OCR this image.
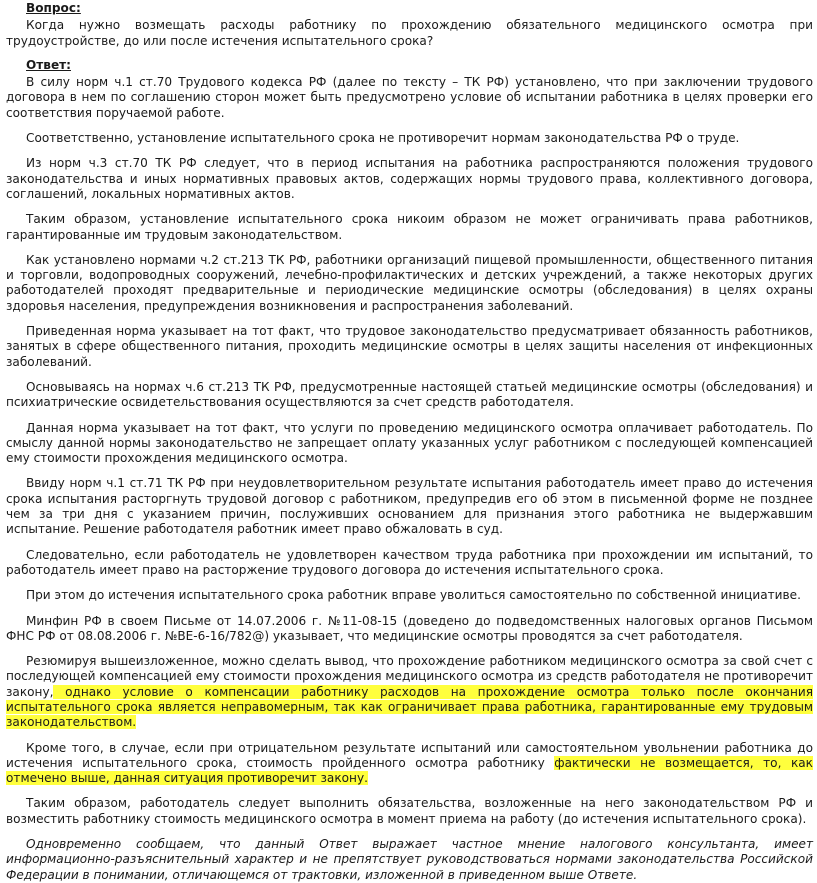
Вопрос:

Когда нужно возмещать расходы работнику по прохождению обязательного медицинского осмотра при трудоустройстве, до или после истечения испытательного срока?

Ответ:

В силу норм ч.1 ст.70 Трудового кодекса РФ (далее по тексту – ТК РФ) установлено, что при заключении трудового договора в нем по соглашению сторон может быть предусмотрено условие об испытании работника в целях проверки его соответствия поручаемой работе.

Соответственно, установление испытательного срока не противоречит нормам законодательства РФ о труде.

Из норм ч.3 ст.70 ТК РФ следует, что в период испытания на работника распространяются положения трудового законодательства и иных нормативных правовых актов, содержащих нормы трудового права, коллективного договора, соглашений, локальных нормативных актов.

Таким образом, установление испытательного срока никоим образом не может ограничивать права работников, гарантированные им трудовым законодательством.

Как установлено нормами ч.2 ст.213 ТК РФ, работники организаций пищевой промышленности, общественного питания и торговли, водопроводных сооружений, лечебно-профилактических и детских учреждений, а также некоторых других работодателей проходят предварительные и периодические медицинские осмотры (обследования) в целях охраны здоровья населения, предупреждения возникновения и распространения заболеваний.

Приведенная норма указывает на тот факт, что трудовое законодательство предусматривает обязанность работников, занятых в сфере общественного питания, проходить медицинские осмотры в целях защиты населения от инфекционных заболеваний.

Основываясь на нормах ч.6 ст.213 ТК РФ, предусмотренные настоящей статьей медицинские осмотры (обследования) и психиатрические освидетельствования осуществляются за счет средств работодателя.

Данная норма указывает на тот факт, что услуги по проведению медицинского осмотра оплачивает работодатель. По смыслу данной нормы законодательство не запрещает оплату указанных услуг работником с последующей компенсацией ему стоимости прохождения медицинского осмотра.

Ввиду норм ч.1 ст.71 ТК РФ при неудовлетворительном результате испытания работодатель имеет право до истечения срока испытания расторгнуть трудовой договор с работником, предупредив его об этом в письменной форме не позднее чем за три дня с указанием причин, послуживших основанием для признания этого работника не выдержавшим испытание. Решение работодателя работник имеет право обжаловать в суд.

Следовательно, если работодатель не удовлетворен качеством труда работника при прохождении им испытаний, то работодатель имеет право на расторжение трудового договора до истечения испытательного срока.

При этом до истечения испытательного срока работник вправе уволиться самостоятельно по собственной инициативе.

Минфин РФ в своем Письме от 14.07.2006 г. №11-08-15 (доведено до подведомственных налоговых органов Письмом ФНС РФ от 08.08.2006 г. №ВЕ-6-16/782@) указывает, что медицинские осмотры проводятся за счет работодателя.

Резюмируя вышеизложенное, можно сделать вывод, что прохождение работником медицинского осмотра за свой счет с последующей компенсацией ему стоимости прохождения медицинского осмотра из средств работодателя не противоречит закону, однако условие о компенсации работнику расходов на прохождение осмотра только после окончания испытательного срока является неправомерным, так как ограничивает права работника, гарантированные ему трудовым законодательством.

Кроме того, в случае, если при отрицательном результате испытаний или самостоятельном увольнении работника до истечения испытательного срока, стоимость пройденного осмотра работнику фактически не возмещается, то, как отмечено выше, данная ситуация противоречит закону.

Таким образом, работодатель следует выполнить обязательства, возложенные на него законодательством РФ и возместить работнику стоимость медицинского осмотра в момент приема на работу (до истечения испытательного срока).

Одновременно сообщаем, что данный Ответ выражает частное мнение налогового консультанта, имеет информационно-разъяснительный характер и не препятствует руководствоваться нормами законодательства Российской Федерации в понимании, отличающемся от трактовки, изложенной в приведенном выше Ответе.
